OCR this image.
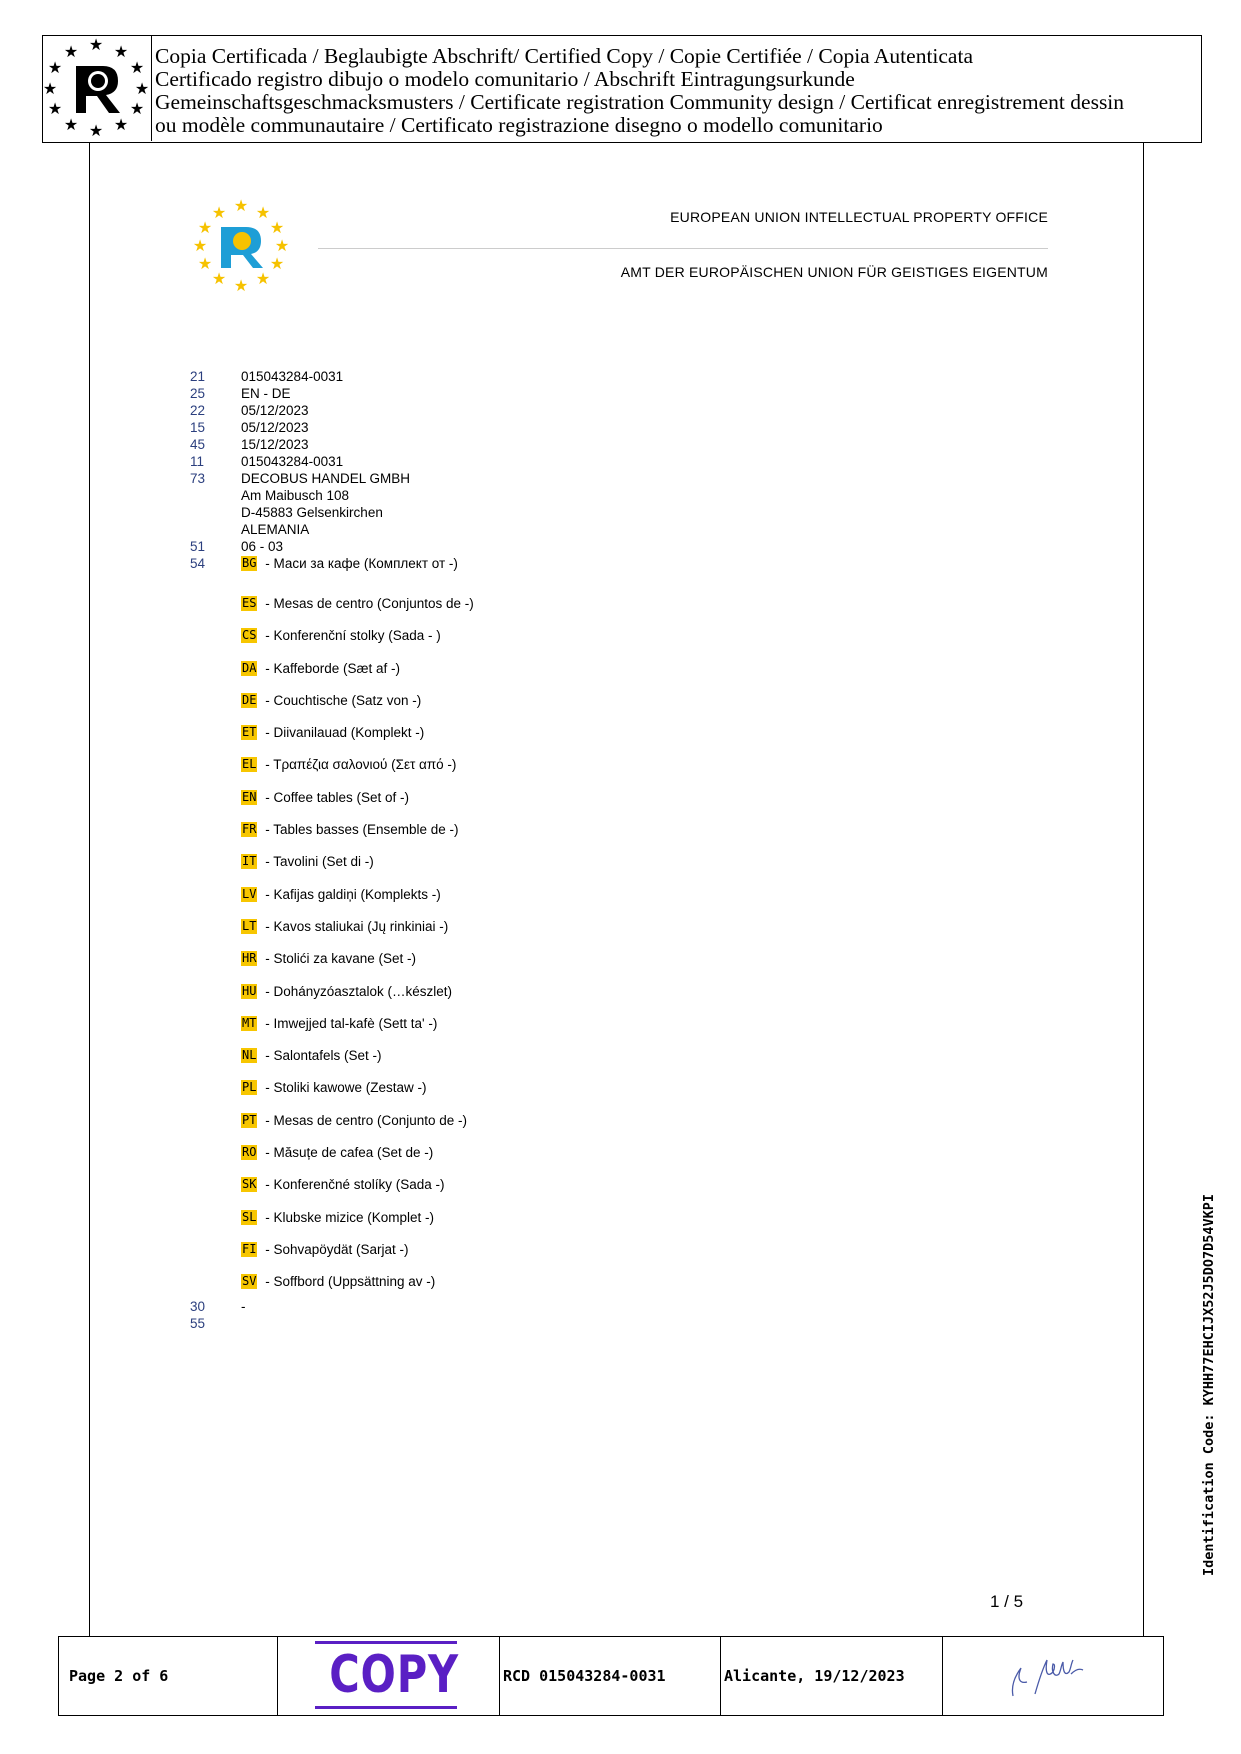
★ ★
★
★
★
★
★
★
★
★
★
★	Copia Certificada / Beglaubigte Abschrift/ Certified Copy / Copie Certifiée / Copia Autenticata
Certificado registro dibujo o modelo comunitario / Abschrift Eintragungsurkunde
Gemeinschaftsgeschmacksmusters / Certificate registration Community design / Certificat enregistrement dessin
ou modèle communautaire / Certificato registrazione disegno o modello comunitario
★ ★
★
★
★
★
★
★
★
★
★
★	EUROPEAN UNION INTELLECTUAL PROPERTY OFFICE
AMT DER EUROPÄISCHEN UNION FÜR GEISTIGES EIGENTUM
21	015043284-0031
25	EN - DE
22	05/12/2023
15	05/12/2023
45	15/12/2023
11	015043284-0031
73	DECOBUS HANDEL GMBH
Am Maibusch 108
D-45883 Gelsenkirchen
ALEMANIA
51	06 - 03
54	BG - Маси за кафе (Комплект от -)
ES - Mesas de centro (Conjuntos de -)
CS - Konferenční stolky (Sada - )
DA - Kaffeborde (Sæt af -)
DE - Couchtische (Satz von -)
ET - Diivanilauad (Komplekt -)
EL - Τραπέζια σαλονιού (Σετ από -)
EN - Coffee tables (Set of -)
FR - Tables basses (Ensemble de -)
IT - Tavolini (Set di -)
LV - Kafijas galdiņi (Komplekts -)
LT - Kavos staliukai (Jų rinkiniai -)
HR - Stolići za kavane (Set -)
HU - Dohányzóasztalok (…készlet)
MT - Imwejjed tal-kafè (Sett ta' -)
NL - Salontafels (Set -)
PL - Stoliki kawowe (Zestaw -)
PT - Mesas de centro (Conjunto de -)
RO - Măsuțe de cafea (Set de -)
SK - Konferenčné stolíky (Sada -)
SL - Klubske mizice (Komplet -)
FI - Sohvapöydät (Sarjat -)
SV - Soffbord (Uppsättning av -)
30	-
55
1 / 5
Identification Code: KYHH77EHCIJX52J5DO7D54VKPI
Page 2 of 6	COPY	RCD 015043284-0031	Alicante, 19/12/2023
